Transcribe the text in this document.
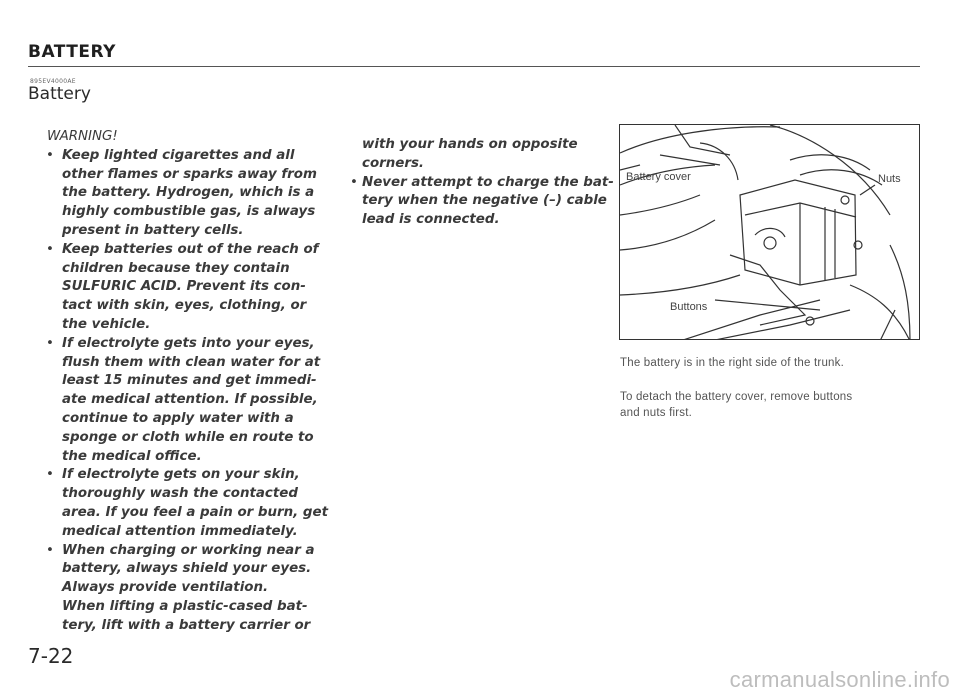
BATTERY
895EV4000AE
Battery
WARNING!
• Keep lighted cigarettes and all
other flames or sparks away from
the battery. Hydrogen, which is a
highly combustible gas, is always
present in battery cells.
• Keep batteries out of the reach of
children because they contain
SULFURIC ACID. Prevent its con-
tact with skin, eyes, clothing, or
the vehicle.
• If electrolyte gets into your eyes,
flush them with clean water for at
least 15 minutes and get immedi-
ate medical attention. If possible,
continue to apply water with a
sponge or cloth while en route to
the medical office.
• If electrolyte gets on your skin,
thoroughly wash the contacted
area. If you feel a pain or burn, get
medical attention immediately.
• When charging or working near a
battery, always shield your eyes.
Always provide ventilation.
When lifting a plastic-cased bat-
tery, lift with a battery carrier or
with your hands on opposite
corners.
• Never attempt to charge the bat-
tery when the negative (–) cable
lead is connected.
Battery cover	Nuts
Buttons
The battery is in the right side of the trunk.
To detach the battery cover, remove buttons
and nuts first.
7-22
carmanualsonline.info
